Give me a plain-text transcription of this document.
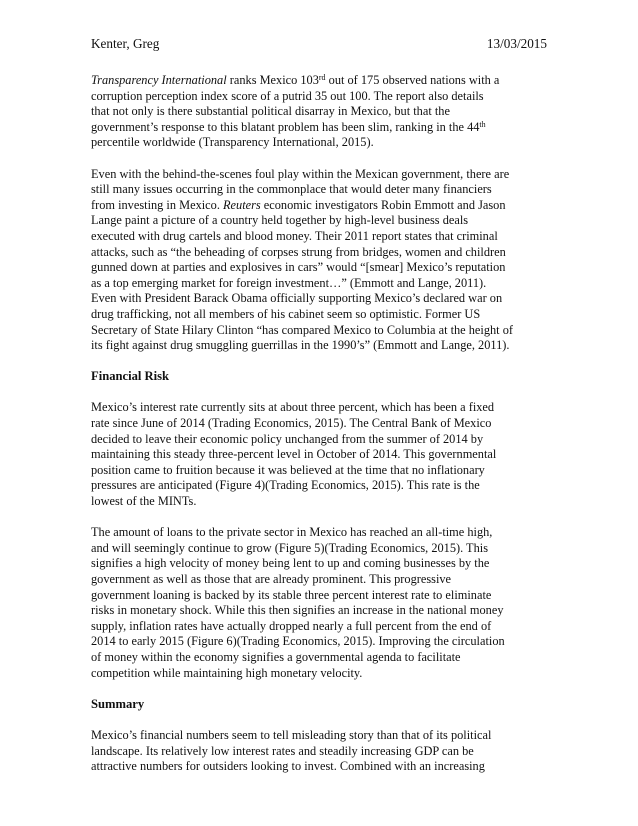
Kenter, Greg	13/03/2015

Transparency International ranks Mexico 103rd out of 175 observed nations with a
corruption perception index score of a putrid 35 out 100. The report also details
that not only is there substantial political disarray in Mexico, but that the
government’s response to this blatant problem has been slim, ranking in the 44th
percentile worldwide (Transparency International, 2015).

Even with the behind-the-scenes foul play within the Mexican government, there are
still many issues occurring in the commonplace that would deter many financiers
from investing in Mexico. Reuters economic investigators Robin Emmott and Jason
Lange paint a picture of a country held together by high-level business deals
executed with drug cartels and blood money. Their 2011 report states that criminal
attacks, such as “the beheading of corpses strung from bridges, women and children
gunned down at parties and explosives in cars” would “[smear] Mexico’s reputation
as a top emerging market for foreign investment…” (Emmott and Lange, 2011).
Even with President Barack Obama officially supporting Mexico’s declared war on
drug trafficking, not all members of his cabinet seem so optimistic. Former US
Secretary of State Hilary Clinton “has compared Mexico to Columbia at the height of
its fight against drug smuggling guerrillas in the 1990’s” (Emmott and Lange, 2011).

Financial Risk

Mexico’s interest rate currently sits at about three percent, which has been a fixed
rate since June of 2014 (Trading Economics, 2015). The Central Bank of Mexico
decided to leave their economic policy unchanged from the summer of 2014 by
maintaining this steady three-percent level in October of 2014. This governmental
position came to fruition because it was believed at the time that no inflationary
pressures are anticipated (Figure 4)(Trading Economics, 2015). This rate is the
lowest of the MINTs.

The amount of loans to the private sector in Mexico has reached an all-time high,
and will seemingly continue to grow (Figure 5)(Trading Economics, 2015). This
signifies a high velocity of money being lent to up and coming businesses by the
government as well as those that are already prominent. This progressive
government loaning is backed by its stable three percent interest rate to eliminate
risks in monetary shock. While this then signifies an increase in the national money
supply, inflation rates have actually dropped nearly a full percent from the end of
2014 to early 2015 (Figure 6)(Trading Economics, 2015). Improving the circulation
of money within the economy signifies a governmental agenda to facilitate
competition while maintaining high monetary velocity.

Summary

Mexico’s financial numbers seem to tell misleading story than that of its political
landscape. Its relatively low interest rates and steadily increasing GDP can be
attractive numbers for outsiders looking to invest. Combined with an increasing
